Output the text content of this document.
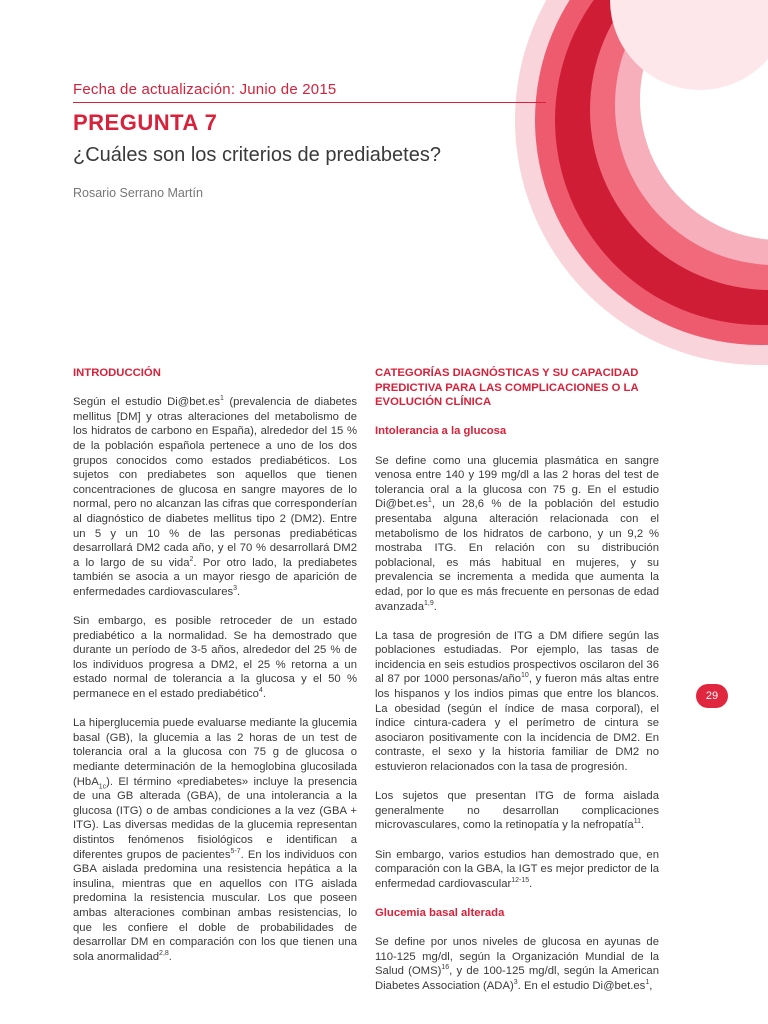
Fecha de actualización: Junio de 2015
PREGUNTA 7
¿Cuáles son los criterios de prediabetes?
Rosario Serrano Martín
INTRODUCCIÓN

Según el estudio $Di@bet.es^1$ (prevalencia de diabetes mellitus [DM] y otras alteraciones del metabolismo de los hidratos de carbono en España), alrededor del 15 % de la población española pertenece a uno de los dos grupos conocidos como estados prediabéticos. Los sujetos con prediabetes son aquellos que tienen concentraciones de glucosa en sangre mayores de lo normal, pero no alcanzan las cifras que corresponderían al diagnóstico de diabetes mellitus tipo 2 (DM2). Entre un 5 y un 10 % de las personas prediabéticas desarrollará DM2 cada año, y el 70 % desarrollará DM2 a lo largo de su vida$^2$. Por otro lado, la prediabetes también se asocia a un mayor riesgo de aparición de enfermedades cardiovasculares$^3$.

Sin embargo, es posible retroceder de un estado prediabético a la normalidad. Se ha demostrado que durante un período de 3-5 años, alrededor del 25 % de los individuos progresa a DM2, el 25 % retorna a un estado normal de tolerancia a la glucosa y el 50 % permanece en el estado prediabético$^4$.

La hiperglucemia puede evaluarse mediante la glucemia basal (GB), la glucemia a las 2 horas de un test de tolerancia oral a la glucosa con 75 g de glucosa o mediante determinación de la hemoglobina glucosilada (HbA$_{1c}$). El término «prediabetes» incluye la presencia de una GB alterada (GBA), de una intolerancia a la glucosa (ITG) o de ambas condiciones a la vez (GBA + ITG). Las diversas medidas de la glucemia representan distintos fenómenos fisiológicos e identifican a diferentes grupos de pacientes$^{5-7}$. En los individuos con GBA aislada predomina una resistencia hepática a la insulina, mientras que en aquellos con ITG aislada predomina la resistencia muscular. Los que poseen ambas alteraciones combinan ambas resistencias, lo que les confiere el doble de probabilidades de desarrollar DM en comparación con los que tienen una sola anormalidad$^{2,8}$.

CATEGORÍAS DIAGNÓSTICAS Y SU CAPACIDAD PREDICTIVA PARA LAS COMPLICACIONES O LA EVOLUCIÓN CLÍNICA
Intolerancia a la glucosa

Se define como una glucemia plasmática en sangre venosa entre 140 y 199 mg/dl a las 2 horas del test de tolerancia oral a la glucosa con 75 g. En el estudio $Di@bet.es^1$, un 28,6 % de la población del estudio presentaba alguna alteración relacionada con el metabolismo de los hidratos de carbono, y un 9,2 % mostraba ITG. En relación con su distribución poblacional, es más habitual en mujeres, y su prevalencia se incrementa a medida que aumenta la edad, por lo que es más frecuente en personas de edad avanzada$^{1,9}$.

La tasa de progresión de ITG a DM difiere según las poblaciones estudiadas. Por ejemplo, las tasas de incidencia en seis estudios prospectivos oscilaron del 36 al 87 por 1000 personas/año$^{10}$, y fueron más altas entre los hispanos y los indios pimas que entre los blancos. La obesidad (según el índice de masa corporal), el índice cintura-cadera y el perímetro de cintura se asociaron positivamente con la incidencia de DM2. En contraste, el sexo y la historia familiar de DM2 no estuvieron relacionados con la tasa de progresión.

Los sujetos que presentan ITG de forma aislada generalmente no desarrollan complicaciones microvasculares, como la retinopatía y la nefropatía$^{11}$.

Sin embargo, varios estudios han demostrado que, en comparación con la GBA, la IGT es mejor predictor de la enfermedad cardiovascular$^{12-15}$.

Glucemia basal alterada

Se define por unos niveles de glucosa en ayunas de 110-125 mg/dl, según la Organización Mundial de la Salud (OMS)$^{16}$, y de 100-125 mg/dl, según la American Diabetes Association (ADA)$^3$. En el estudio $Di@bet.es^1$,

29
